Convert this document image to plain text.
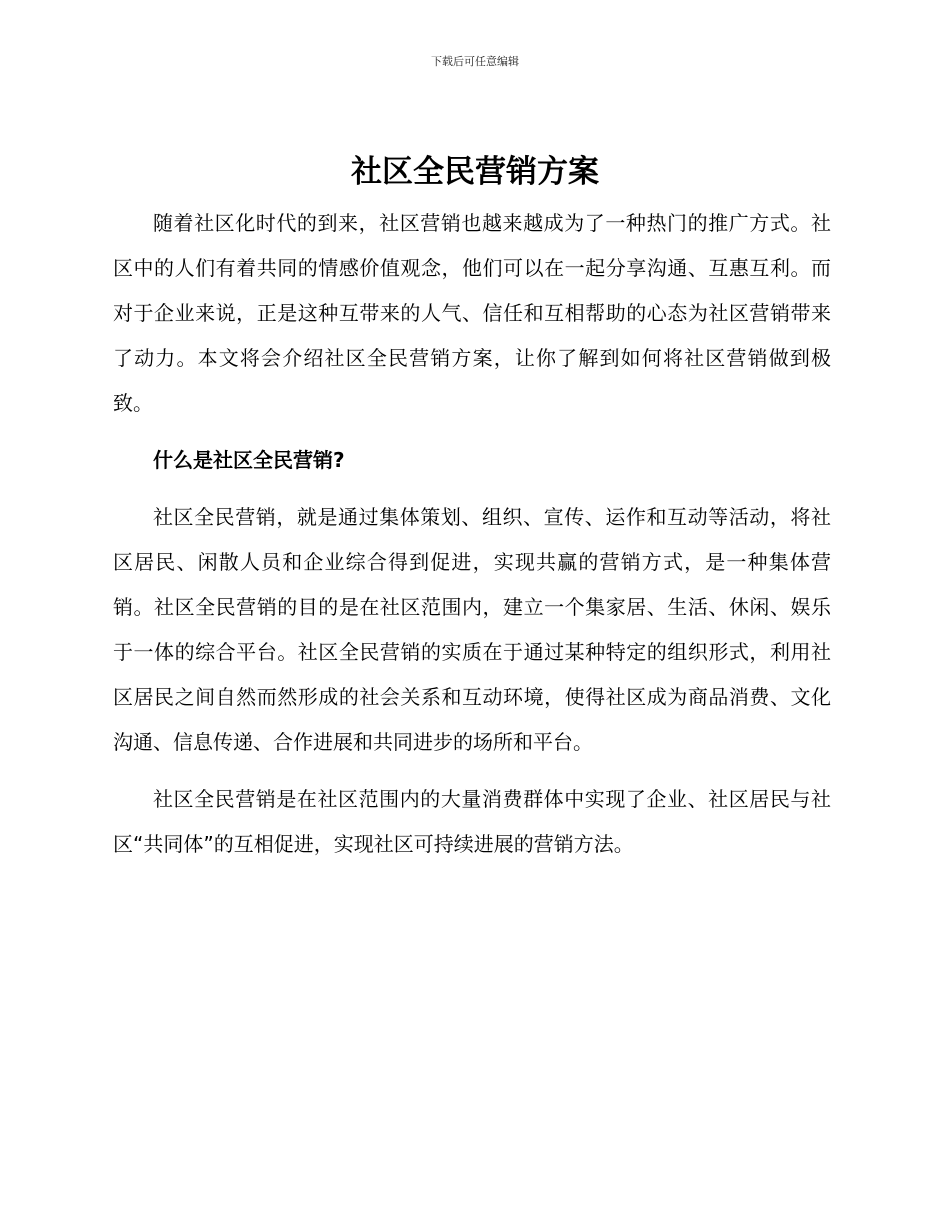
下载后可任意编辑
社区全民营销方案

随着社区化时代的到来，社区营销也越来越成为了一种热门的推广方式。社区中的人们有着共同的情感价值观念，他们可以在一起分享沟通、互惠互利。而对于企业来说，正是这种互带来的人气、信任和互相帮助的心态为社区营销带来了动力。本文将会介绍社区全民营销方案，让你了解到如何将社区营销做到极致。

什么是社区全民营销?

社区全民营销，就是通过集体策划、组织、宣传、运作和互动等活动，将社区居民、闲散人员和企业综合得到促进，实现共赢的营销方式，是一种集体营销。社区全民营销的目的是在社区范围内，建立一个集家居、生活、休闲、娱乐于一体的综合平台。社区全民营销的实质在于通过某种特定的组织形式，利用社区居民之间自然而然形成的社会关系和互动环境，使得社区成为商品消费、文化沟通、信息传递、合作进展和共同进步的场所和平台。

社区全民营销是在社区范围内的大量消费群体中实现了企业、社区居民与社区“共同体”的互相促进，实现社区可持续进展的营销方法。
